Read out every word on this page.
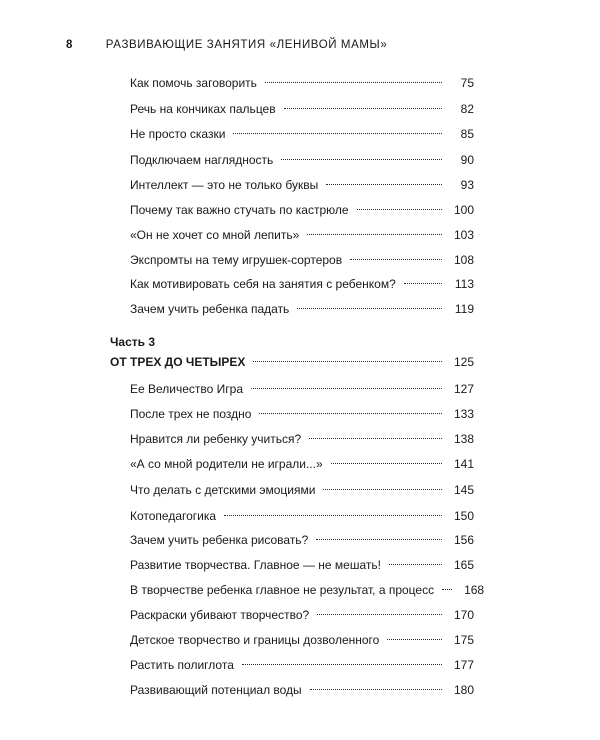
8	РАЗВИВАЮЩИЕ ЗАНЯТИЯ «ЛЕНИВОЙ МАМЫ»
Как помочь заговорить	75
Речь на кончиках пальцев	82
Не просто сказки	85
Подключаем наглядность	90
Интеллект — это не только буквы	93
Почему так важно стучать по кастрюле	100
«Он не хочет со мной лепить»	103
Экспромты на тему игрушек-сортеров	108
Как мотивировать себя на занятия с ребенком?	113
Зачем учить ребенка падать	119
Часть 3
ОТ ТРЕХ ДО ЧЕТЫРЕХ	125
Ее Величество Игра	127
После трех не поздно	133
Нравится ли ребенку учиться?	138
«А со мной родители не играли...»	141
Что делать с детскими эмоциями	145
Котопедагогика	150
Зачем учить ребенка рисовать?	156
Развитие творчества. Главное — не мешать!	165
В творчестве ребенка главное не результат, а процесс	168
Раскраски убивают творчество?	170
Детское творчество и границы дозволенного	175
Растить полиглота	177
Развивающий потенциал воды	180
